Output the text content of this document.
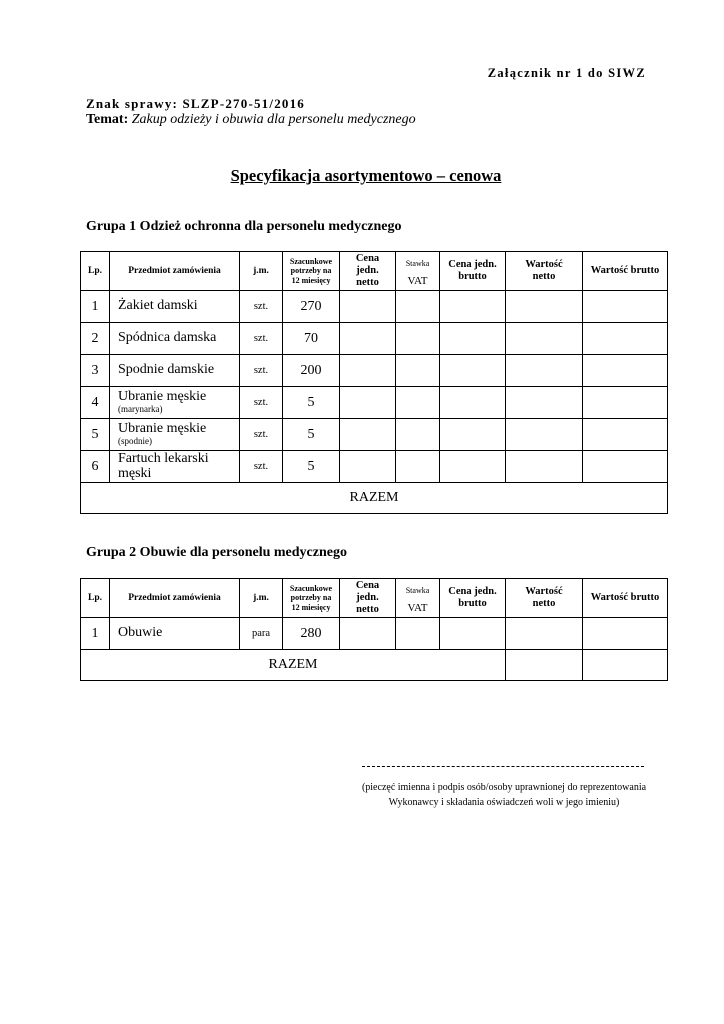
Załącznik nr 1 do SIWZ
Znak sprawy: SLZP-270-51/2016
Temat: Zakup odzieży i obuwia dla personelu medycznego
Specyfikacja asortymentowo – cenowa
Grupa 1 Odzież ochronna dla personelu medycznego
Lp.	Przedmiot zamówienia	j.m.	Szacunkowe
potrzeby na
12 miesięcy	Cena
jedn.
netto	Stawka
VAT	Cena jedn.
brutto	Wartość
netto	Wartość brutto
1	Żakiet damski	szt.	270					
2	Spódnica damska	szt.	70					
3	Spodnie damskie	szt.	200					
4	Ubranie męskie
(marynarka)	szt.	5					
5	Ubranie męskie
(spodnie)	szt.	5					
6	Fartuch lekarski męski	szt.	5					
RAZEM								
Grupa 2 Obuwie dla personelu medycznego
Lp.	Przedmiot zamówienia	j.m.	Szacunkowe
potrzeby na
12 miesięcy	Cena
jedn.
netto	Stawka
VAT	Cena jedn.
brutto	Wartość
netto	Wartość brutto
1	Obuwie	para	280					
RAZEM								
(pieczęć imienna i podpis osób/osoby uprawnionej do reprezentowania
Wykonawcy i składania oświadczeń woli w jego imieniu)
